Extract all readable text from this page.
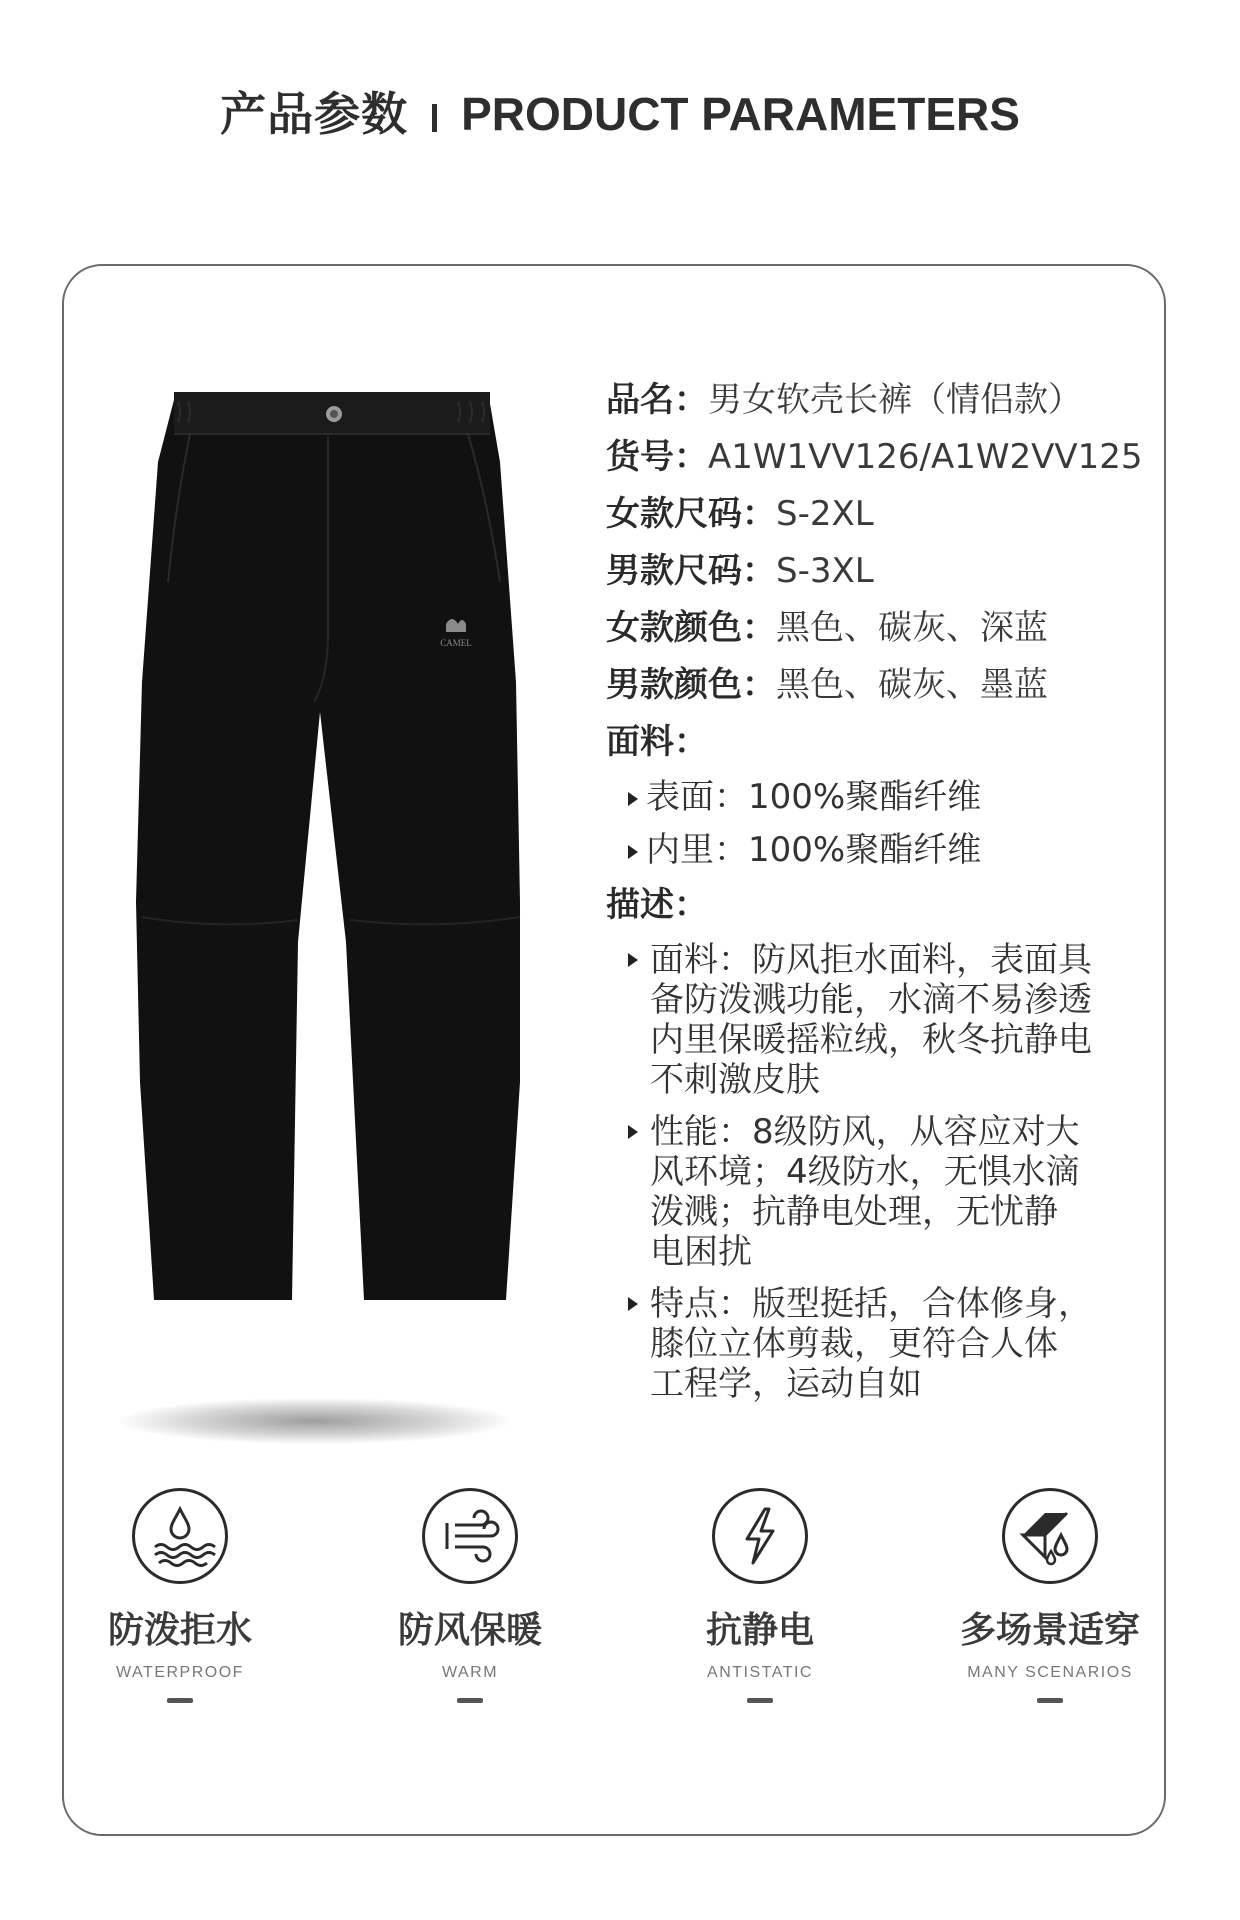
产品参数 PRODUCT PARAMETERS
CAMEL
品名：男女软壳长裤（情侣款）
货号：A1W1VV126/A1W2VV125
女款尺码：S-2XL
男款尺码：S-3XL
女款颜色：黑色、碳灰、深蓝
男款颜色：黑色、碳灰、墨蓝
面料：
表面：100%聚酯纤维
内里：100%聚酯纤维
描述：
面料：防风拒水面料，表面具
备防泼溅功能，水滴不易渗透
内里保暖摇粒绒，秋冬抗静电
不刺激皮肤
性能：8级防风，从容应对大
风环境；4级防水，无惧水滴
泼溅；抗静电处理，无忧静
电困扰
特点：版型挺括，合体修身，
膝位立体剪裁，更符合人体
工程学，运动自如
防泼拒水
WATERPROOF
防风保暖
WARM
抗静电
ANTISTATIC
多场景适穿
MANY SCENARIOS
